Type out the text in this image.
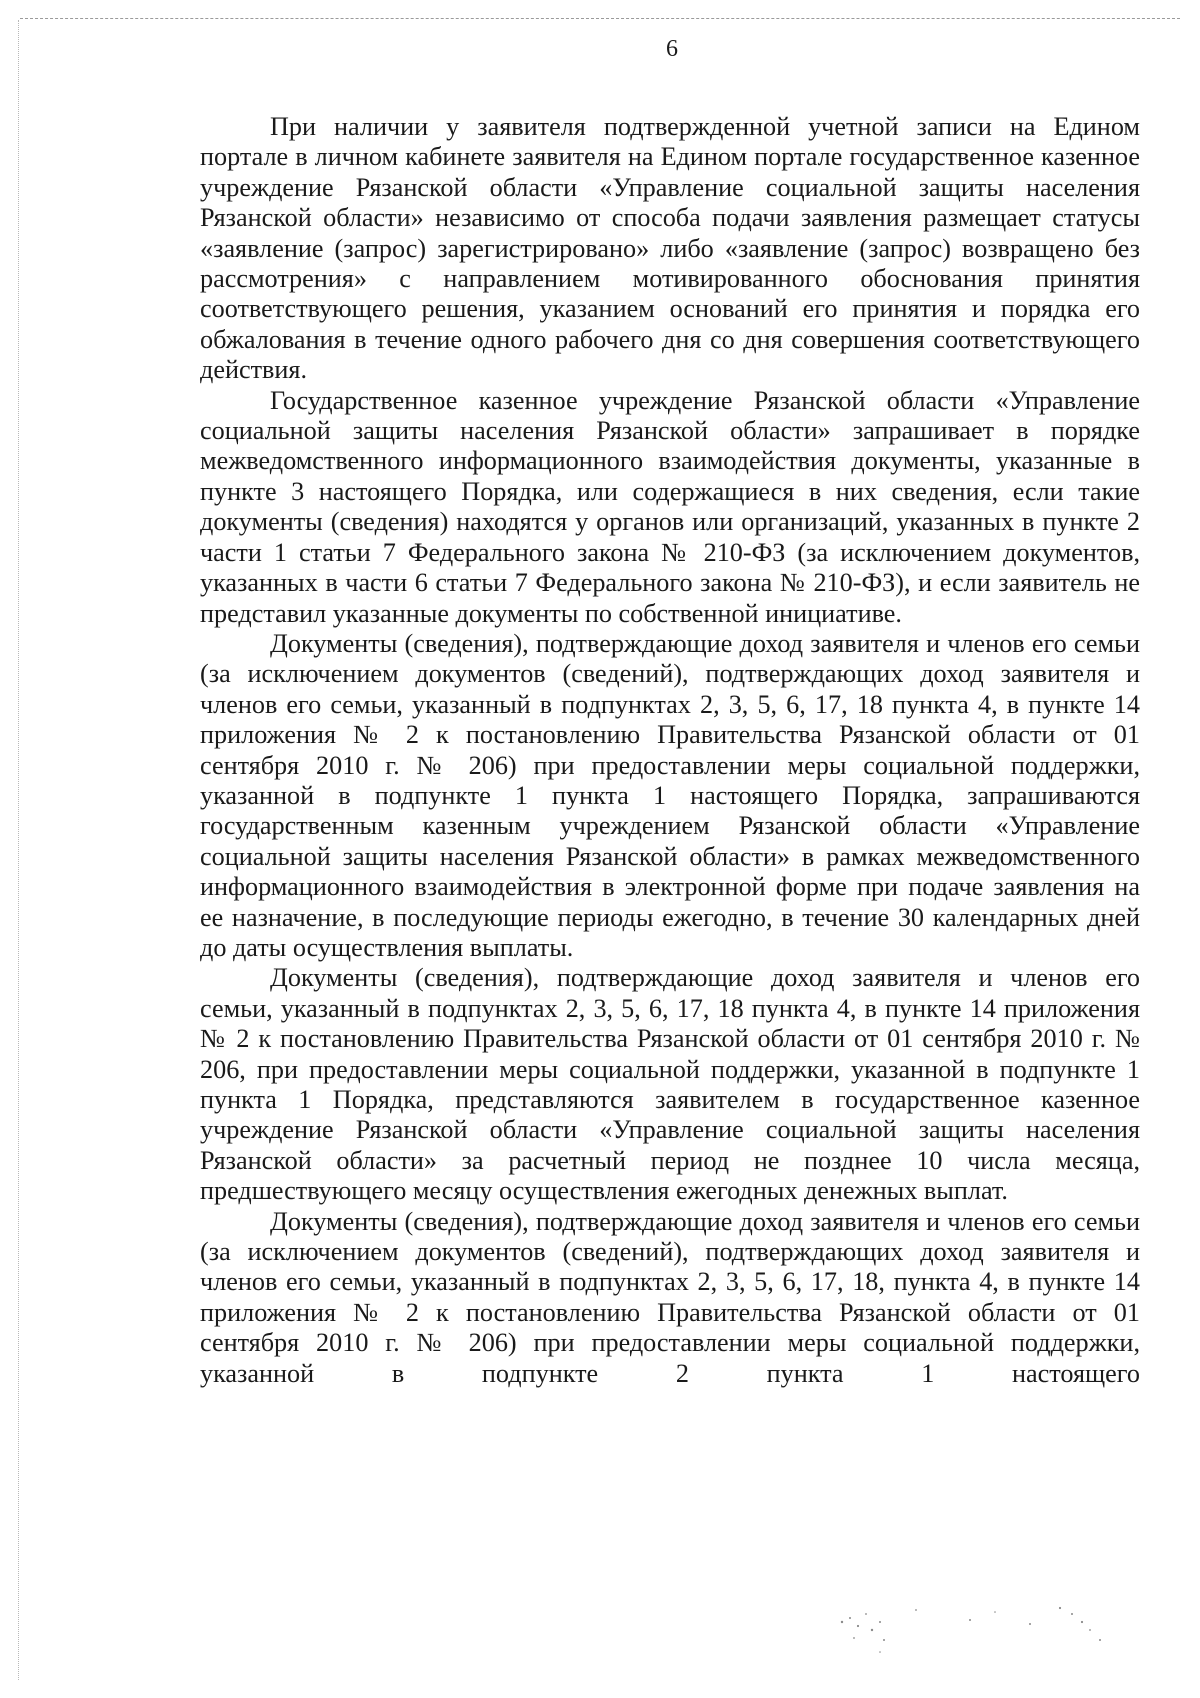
6

При наличии у заявителя подтвержденной учетной записи на Едином портале в личном кабинете заявителя на Едином портале государственное казенное учреждение Рязанской области «Управление социальной защиты населения Рязанской области» независимо от способа подачи заявления размещает статусы «заявление (запрос) зарегистрировано» либо «заявление (запрос) возвращено без рассмотрения» с направлением мотивированного обоснования принятия соответствующего решения, указанием оснований его принятия и порядка его обжалования в течение одного рабочего дня со дня совершения соответствующего действия.

Государственное казенное учреждение Рязанской области «Управление социальной защиты населения Рязанской области» запрашивает в порядке межведомственного информационного взаимодействия документы, указанные в пункте 3 настоящего Порядка, или содержащиеся в них сведения, если такие документы (сведения) находятся у органов или организаций, указанных в пункте 2 части 1 статьи 7 Федерального закона № 210-ФЗ (за исключением документов, указанных в части 6 статьи 7 Федерального закона № 210-ФЗ), и если заявитель не представил указанные документы по собственной инициативе.

Документы (сведения), подтверждающие доход заявителя и членов его семьи (за исключением документов (сведений), подтверждающих доход заявителя и членов его семьи, указанный в подпунктах 2, 3, 5, 6, 17, 18 пункта 4, в пункте 14 приложения № 2 к постановлению Правительства Рязанской области от 01 сентября 2010 г. № 206) при предоставлении меры социальной поддержки, указанной в подпункте 1 пункта 1 настоящего Порядка, запрашиваются государственным казенным учреждением Рязанской области «Управление социальной защиты населения Рязанской области» в рамках межведомственного информационного взаимодействия в электронной форме при подаче заявления на ее назначение, в последующие периоды ежегодно, в течение 30 календарных дней до даты осуществления выплаты.

Документы (сведения), подтверждающие доход заявителя и членов его семьи, указанный в подпунктах 2, 3, 5, 6, 17, 18 пункта 4, в пункте 14 приложения № 2 к постановлению Правительства Рязанской области от 01 сентября 2010 г. № 206, при предоставлении меры социальной поддержки, указанной в подпункте 1 пункта 1 Порядка, представляются заявителем в государственное казенное учреждение Рязанской области «Управление социальной защиты населения Рязанской области» за расчетный период не позднее 10 числа месяца, предшествующего месяцу осуществления ежегодных денежных выплат.

Документы (сведения), подтверждающие доход заявителя и членов его семьи (за исключением документов (сведений), подтверждающих доход заявителя и членов его семьи, указанный в подпунктах 2, 3, 5, 6, 17, 18, пункта 4, в пункте 14 приложения № 2 к постановлению Правительства Рязанской области от 01 сентября 2010 г. № 206) при предоставлении меры социальной поддержки, указанной в подпункте 2 пункта 1 настоящего
